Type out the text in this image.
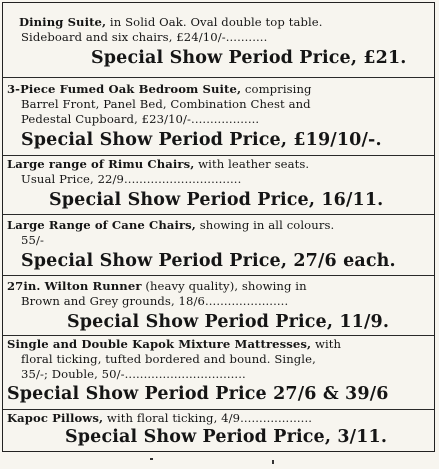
Dining Suite, in Solid Oak. Oval double top table.
Sideboard and six chairs, £24/10/-...........
Special Show Period Price, £21.
3-Piece Fumed Oak Bedroom Suite, comprising
Barrel Front, Panel Bed, Combination Chest and
Pedestal Cupboard, £23/10/-..................
Special Show Period Price, £19/10/-.
Large range of Rimu Chairs, with leather seats.
Usual Price, 22/9...............................
Special Show Period Price, 16/11.
Large Range of Cane Chairs, showing in all colours.
55/-
Special Show Period Price, 27/6 each.
27in. Wilton Runner (heavy quality), showing in
Brown and Grey grounds, 18/6......................
Special Show Period Price, 11/9.
Single and Double Kapok Mixture Mattresses, with
floral ticking, tufted bordered and bound. Single,
35/-; Double, 50/-................................
Special Show Period Price 27/6 & 39/6
Kapoc Pillows, with floral ticking, 4/9...................
Special Show Period Price, 3/11.
